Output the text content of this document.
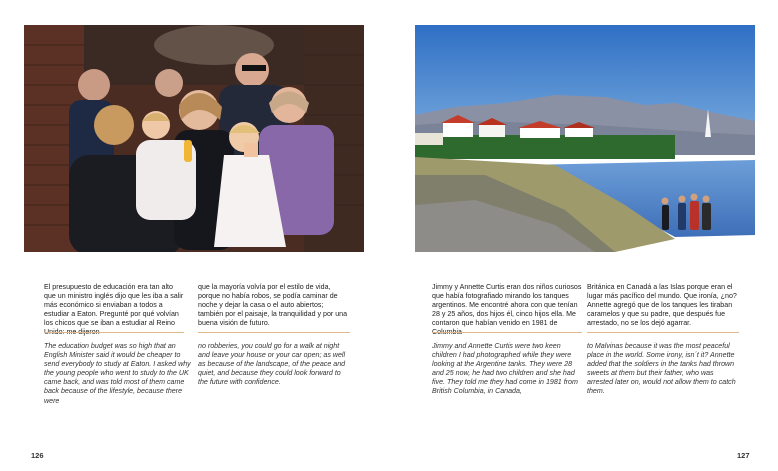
El presupuesto de educación era tan alto que un ministro inglés dijo que les iba a salir más económico si enviaban a todos a estudiar a Eaton. Pregunté por qué volvían los chicos que se iban a estudiar al Reino Unido: me dijeron

que la mayoría volvía por el estilo de vida, porque no había robos, se podía caminar de noche y dejar la casa o el auto abiertos; también por el paisaje, la tranquilidad y por una buena visión de futuro.

The education budget was so high that an English Minister said it would be cheaper to send everybody to study at Eaton. I asked why the young people who went to study to the UK came back, and was told most of them came back because of the lifestyle, because there were

no robberies, you could go for a walk at night and leave your house or your car open; as well as because of the landscape, of the peace and quiet, and because they could look forward to the future with confidence.

126

Jimmy y Annette Curtis eran dos niños curiosos que había fotografiado mirando los tanques argentinos. Me encontré ahora con que tenían 28 y 25 años, dos hijos él, cinco hijos ella. Me contaron que habían venido en 1981 de Columbia

Británica en Canadá a las Islas porque eran el lugar más pacífico del mundo. Que ironía, ¿no? Annette agregó que de los tanques les tiraban caramelos y que su padre, que después fue arrestado, no se los dejó agarrar.

Jimmy and Annette Curtis were two keen children I had photographed while they were looking at the Argentine tanks. They were 28 and 25 now, he had two children and she had five. They told me they had come in 1981 from British Columbia, in Canada,

to Malvinas because it was the most peaceful place in the world. Some irony, isn´t it? Annette added that the soldiers in the tanks had thrown sweets at them but their father, who was arrested later on, would not allow them to catch them.

127
